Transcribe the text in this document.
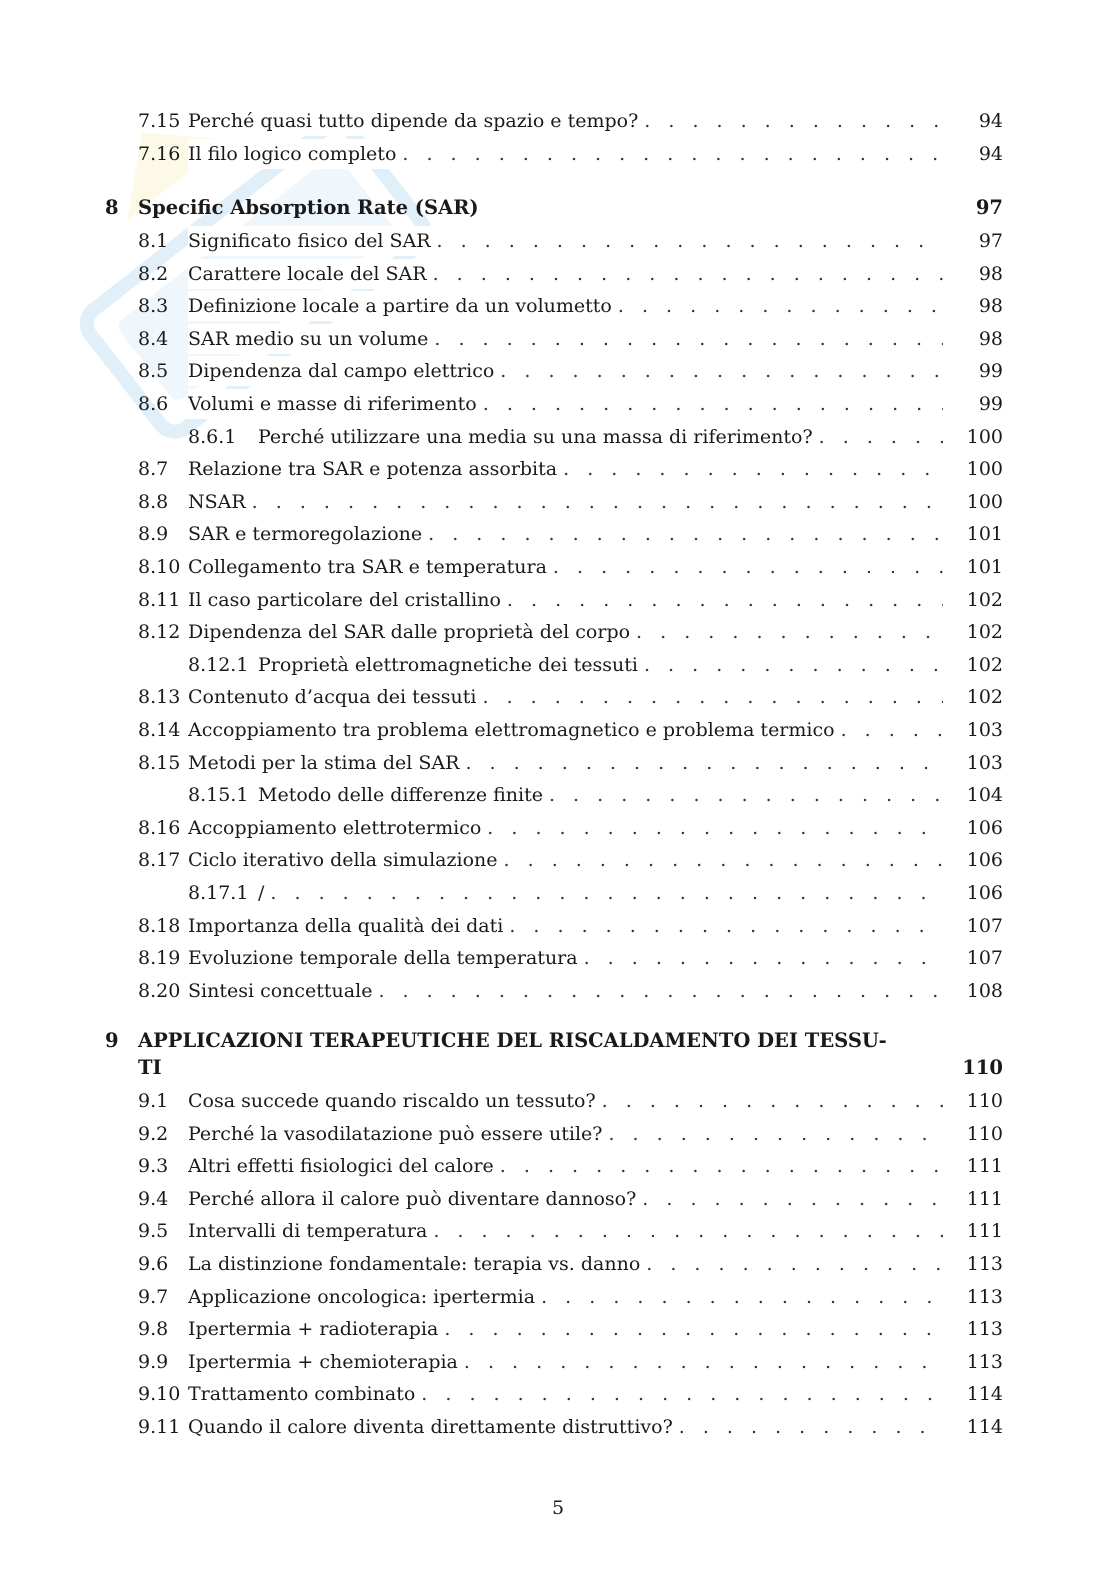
7.15 Perché quasi tutto dipende da spazio e tempo? . . .	94
7.16 Il filo logico completo . . .	94
8 Specific Absorption Rate (SAR)	97
8.1 Significato fisico del SAR . . .	97
8.2 Carattere locale del SAR . . .	98
8.3 Definizione locale a partire da un volumetto . . .	98
8.4 SAR medio su un volume . . .	98
8.5 Dipendenza dal campo elettrico . . .	99
8.6 Volumi e masse di riferimento . . .	99
8.6.1 Perché utilizzare una media su una massa di riferimento? . . .	100
8.7 Relazione tra SAR e potenza assorbita . . .	100
8.8 NSAR . . .	100
8.9 SAR e termoregolazione . . .	101
8.10 Collegamento tra SAR e temperatura . . .	101
8.11 Il caso particolare del cristallino . . .	102
8.12 Dipendenza del SAR dalle proprietà del corpo . . .	102
8.12.1 Proprietà elettromagnetiche dei tessuti . . .	102
8.13 Contenuto d’acqua dei tessuti . . .	102
8.14 Accoppiamento tra problema elettromagnetico e problema termico . . .	103
8.15 Metodi per la stima del SAR . . .	103
8.15.1 Metodo delle differenze finite . . .	104
8.16 Accoppiamento elettrotermico . . .	106
8.17 Ciclo iterativo della simulazione . . .	106
8.17.1 / . . .	106
8.18 Importanza della qualità dei dati . . .	107
8.19 Evoluzione temporale della temperatura . . .	107
8.20 Sintesi concettuale . . .	108
9 APPLICAZIONI TERAPEUTICHE DEL RISCALDAMENTO DEI TESSU-
TI	110
9.1 Cosa succede quando riscaldo un tessuto? . . .	110
9.2 Perché la vasodilatazione può essere utile? . . .	110
9.3 Altri effetti fisiologici del calore . . .	111
9.4 Perché allora il calore può diventare dannoso? . . .	111
9.5 Intervalli di temperatura . . .	111
9.6 La distinzione fondamentale: terapia vs. danno . . .	113
9.7 Applicazione oncologica: ipertermia . . .	113
9.8 Ipertermia + radioterapia . . .	113
9.9 Ipertermia + chemioterapia . . .	113
9.10 Trattamento combinato . . .	114
9.11 Quando il calore diventa direttamente distruttivo? . . .	114
5
